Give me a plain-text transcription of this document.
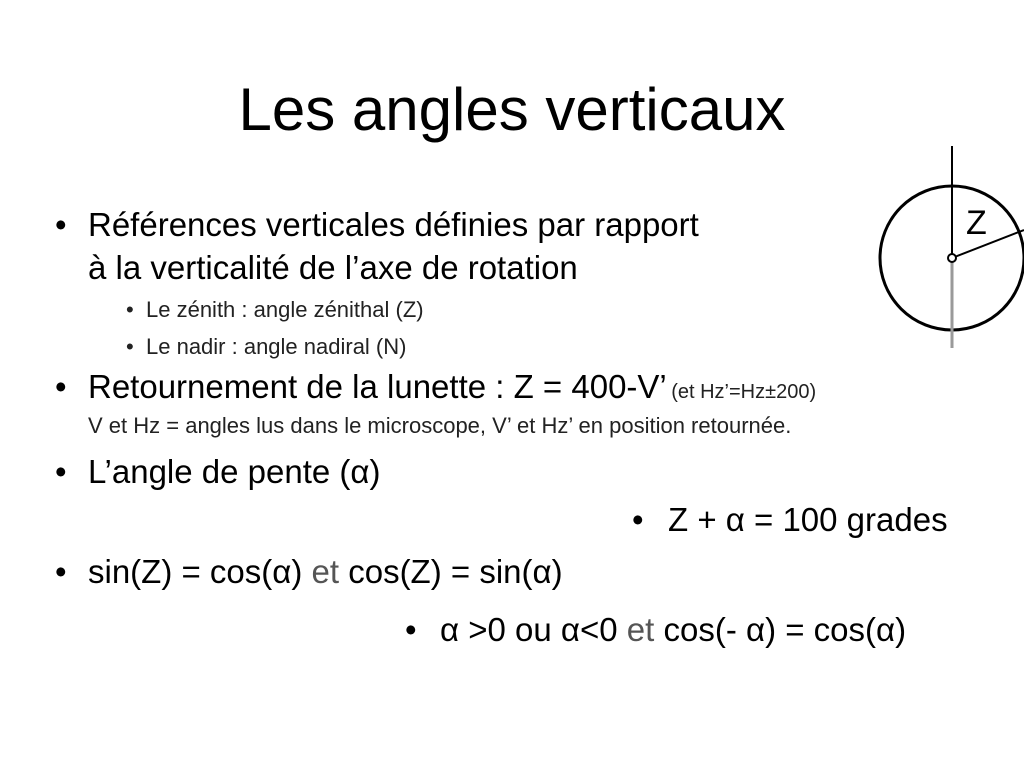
Les angles verticaux
• Références verticales définies par rapport
à la verticalité de l’axe de rotation
• Le zénith : angle zénithal (Z)
• Le nadir : angle nadiral (N)
• Retournement de la lunette : Z = 400-V’ (et Hz’=Hz±200)
V et Hz = angles lus dans le microscope, V’ et Hz’ en position retournée.
• L’angle de pente (α)
• Z + α = 100 grades
• sin(Z) = cos(α) et cos(Z) = sin(α)
• α >0 ou α<0 et cos(- α) = cos(α)
Z
